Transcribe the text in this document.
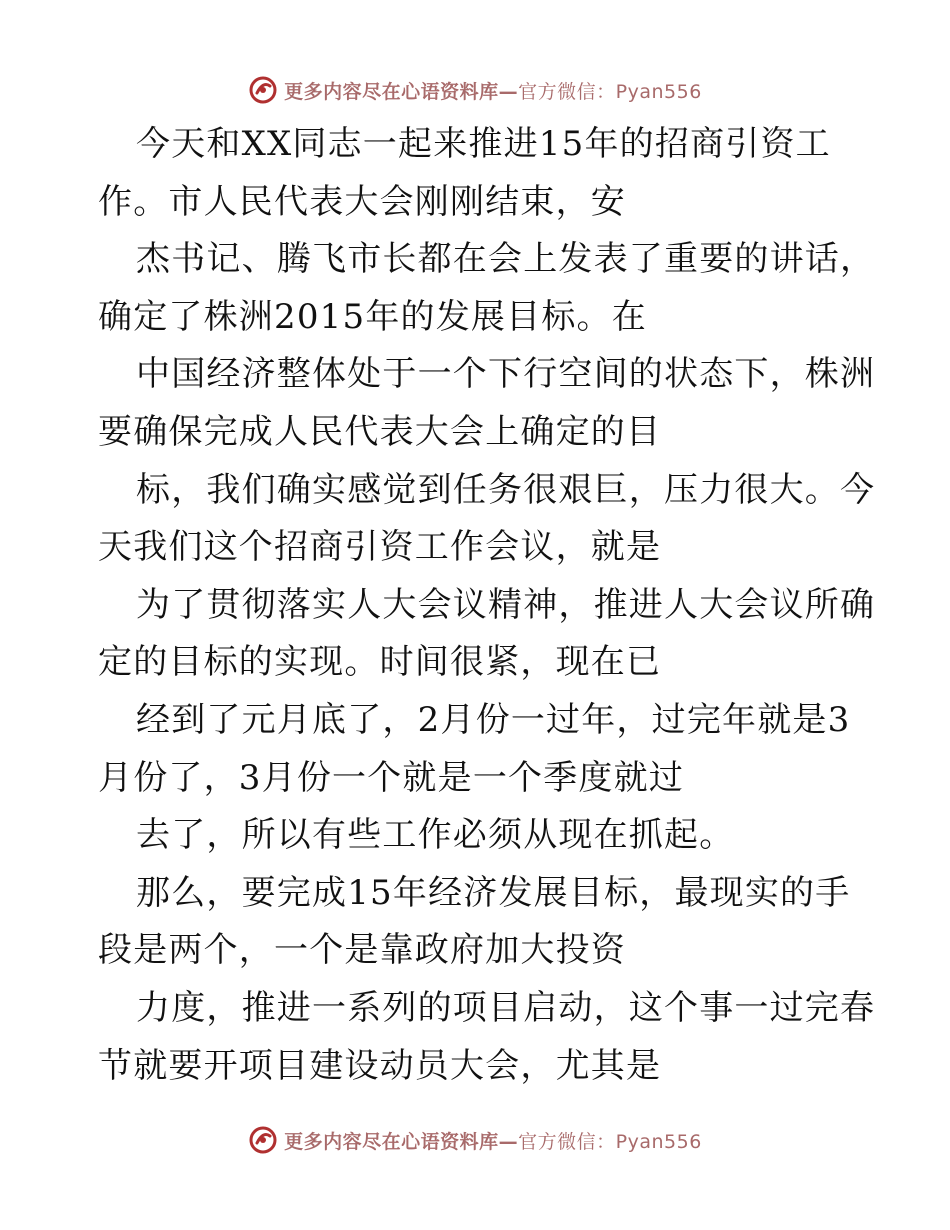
更多内容尽在心语资料库—官方微信：Pyan556
今天和XX同志一起来推进15年的招商引资工
作。市人民代表大会刚刚结束，安
杰书记、腾飞市长都在会上发表了重要的讲话，
确定了株洲2015年的发展目标。在
中国经济整体处于一个下行空间的状态下，株洲
要确保完成人民代表大会上确定的目
标，我们确实感觉到任务很艰巨，压力很大。今
天我们这个招商引资工作会议，就是
为了贯彻落实人大会议精神，推进人大会议所确
定的目标的实现。时间很紧，现在已
经到了元月底了，2月份一过年，过完年就是3
月份了，3月份一个就是一个季度就过
去了，所以有些工作必须从现在抓起。
那么，要完成15年经济发展目标，最现实的手
段是两个，一个是靠政府加大投资
力度，推进一系列的项目启动，这个事一过完春
节就要开项目建设动员大会，尤其是
更多内容尽在心语资料库—官方微信：Pyan556
